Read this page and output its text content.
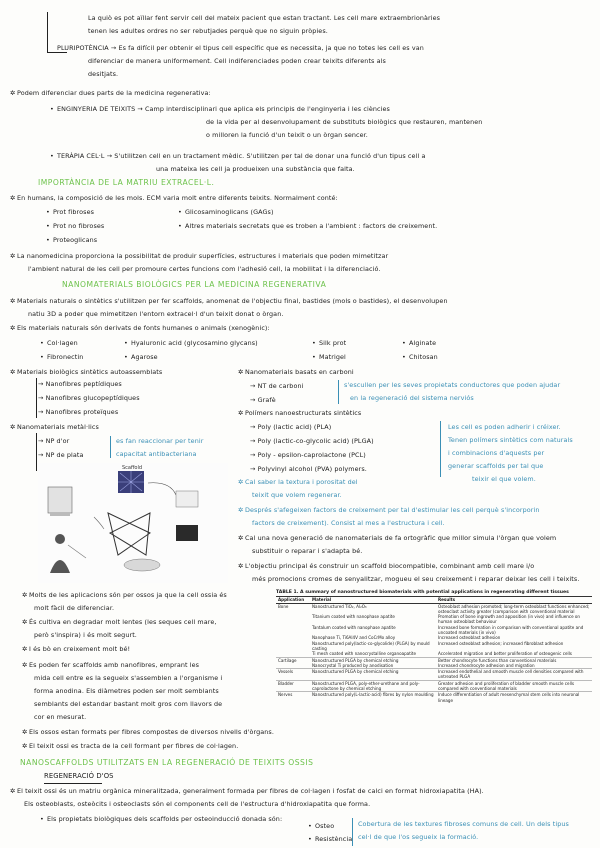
La quiò es pot aïllar fent servir cell del mateix pacient que estan tractant. Les cell mare extraembrionàries
tenen les adultes ordres no ser rebutjades perquè que no siguin pròpies.
PLURIPOTÈNCIA → Es fa difícil per obtenir el tipus cell específic que es necessita, ja que no totes les cell es van
diferenciar de manera uniformement. Cell indiferenciades poden crear teixits diferents als
desitjats.
✲ Podem diferenciar dues parts de la medicina regenerativa:
• ENGINYERIA DE TEIXITS → Camp interdisciplinari que aplica els principis de l'enginyeria i les ciències
de la vida per al desenvolupament de substituts biològics que restauren, mantenen
o milloren la funció d'un teixit o un òrgan sencer.
• TERÀPIA CEL·L → S'utilitzen cell en un tractament mèdic. S'utilitzen per tal de donar una funció d'un tipus cell a
una mateixa les cell ja produeixen una substància que falta.
IMPORTÀNCIA DE LA MATRIU EXTRACEL·L.
✲ En humans, la composició de les mols. ECM varia molt entre diferents teixits. Normalment conté:
• Prot fibroses
• Prot no fibroses
• Proteoglicans
• Glicosaminoglicans (GAGs)
• Altres materials secretats que es troben a l'ambient : factors de creixement.
✲ La nanomedicina proporciona la possibilitat de produir superfícies, estructures i materials que poden mimetitzar
l'ambient natural de les cell per promoure certes funcions com l'adhesió cell, la mobilitat i la diferenciació.
NANOMATERIALS BIOLÒGICS PER LA MEDICINA REGENERATIVA
✲ Materials naturals o sintètics s'utilitzen per fer scaffolds, anomenat de l'objectiu final, bastides (mols o bastides), el desenvolupen
natiu 3D a poder que mimetitzen l'entorn extracel·l d'un teixit donat o òrgan.
✲ Els materials naturals són derivats de fonts humanes o animals (xenogènic):
• Col·lagen	• Hyaluronic acid (glycosamino glycans)	• Silk prot	• Alginate
• Fibronectin	• Agarose	• Matrigel	• Chitosan
✲ Materials biològics sintètics autoassemblats
→ Nanofibres peptídiques
→ Nanofibres glucopeptídiques
→ Nanofibres proteïques
✲ Nanomaterials metàl·lics
→ NP d'or
→ NP de plata
es fan reaccionar per tenir
capacitat antibacteriana
✲ Nanomaterials basats en carboni
→ NT de carboni
→ Grafè
s'escullen per les seves propietats conductores que poden ajudar
en la regeneració del sistema nerviós
✲ Polímers nanoestructurats sintètics
→ Poly (lactic acid) (PLA)
→ Poly (lactic-co-glycolic acid) (PLGA)
→ Poly - epsilon-caprolactone (PCL)
→ Polyvinyl alcohol (PVA) polymers.
Les cell es poden adherir i créixer.
Tenen polímers sintètics com naturals
i combinacions d'aquests per
generar scaffolds per tal que
teixir el que volem.
Scaffold
✲ Cal saber la textura i porositat del
teixit que volem regenerar.
✲ Després s'afegeixen factors de creixement per tal d'estimular les cell perquè s'incorporin
factors de creixement). Consist al mes a l'estructura i cell.
✲ Cal una nova generació de nanomaterials de fa ortogràfic que millor simula l'òrgan que volem
substituir o reparar i s'adapta bé.
✲ L'objectiu principal és construir un scaffold biocompatible, combinant amb cell mare i/o
més promocions cromes de senyalitzar, mogueu el seu creixement i reparar deixar les cell i teixits.
✲ Molts de les aplicacions són per ossos ja que la cell ossia és
molt fàcil de diferenciar.
✲ És cultiva en degradar molt lentes (les seques cell mare,
però s'inspira) i és molt segurt.
✲ I és bò en creixement molt bé!
✲ Es poden fer scaffolds amb nanofibres, emprant les
mida cell entre es la segueix s'assemblen a l'organisme i
forma anodina. Els diàmetres poden ser molt semblants
semblants del estandar bastant molt gros com llavors de
cor en mesurat.
✲ Els ossos estan formats per fibres compostes de diversos nivells d'òrgans.
✲ El teixit ossi es tracta de la cell formant per fibres de col·lagen.
TABLE 1. A summary of nanostructured biomaterials with potential applications in regenerating different tissues
Application	Material	Results
Bone	Nanostructured TiO₂, Al₂O₃	Osteoblast adhesion promoted; long-term osteoblast functions enhanced; osteoclast activity greater (comparison with conventional material
	Titanium coated with nanophase apatite	Promotion of bone ingrowth and apposition (in vivo) and influence on human osteoblast behaviour
	Tantalum coated with nanophase apatite	Increased bone formation in comparison with conventional apatite and uncoated materials (in vivo)
	Nanophase Ti, Ti6Al4V and CoCrMo alloy	Increased osteoblast adhesion
	Nanostructured poly(lactic-co-glycolide) (PLGA) by mould casting	Increased osteoblast adhesion; increased fibroblast adhesion
	Ti mesh coated with nanocrystalline organoapatite	Accelerated migration and better proliferation of osteogenic cells
Cartilage	Nanostructured PLGA by chemical etching	Better chondrocyte functions than conventional materials
	Nanocrystal Ti produced by anodisation	Increased chondrocyte adhesion and migration
Vessels	Nanostructured PLGA by chemical etching	Increased endothelial and smooth muscle cell densities compared with untreated PLGA
Bladder	Nanostructured PLGA, poly-ether-urethane and poly-caprolactone by chemical etching	Greater adhesion and proliferation of bladder smooth muscle cells compared with conventional materials
Nerves	Nanostructured poly(L-lactic-acid) fibres by nylon moulding	Induce differentiation of adult mesenchymal stem cells into neuronal lineage
NANOSCAFFOLDS UTILITZATS EN LA REGENERACIÓ DE TEIXITS OSSIS
REGENERACIÓ D'OS
✲ El teixit ossi és un matriu orgànica mineralitzada, generalment formada per fibres de col·lagen i fosfat de calci en format hidroxiapatita (HA).
Els osteoblasts, osteòcits i osteoclasts són el components cell de l'estructura d'hidroxiapatita que forma.
• Els propietats biològiques dels scaffolds per osteoinducció donada són:
• Osteo
• Resistència
Cobertura de les textures fibroses comuns de cell. Un dels tipus
cel·l de que l'os segueix la formació.
